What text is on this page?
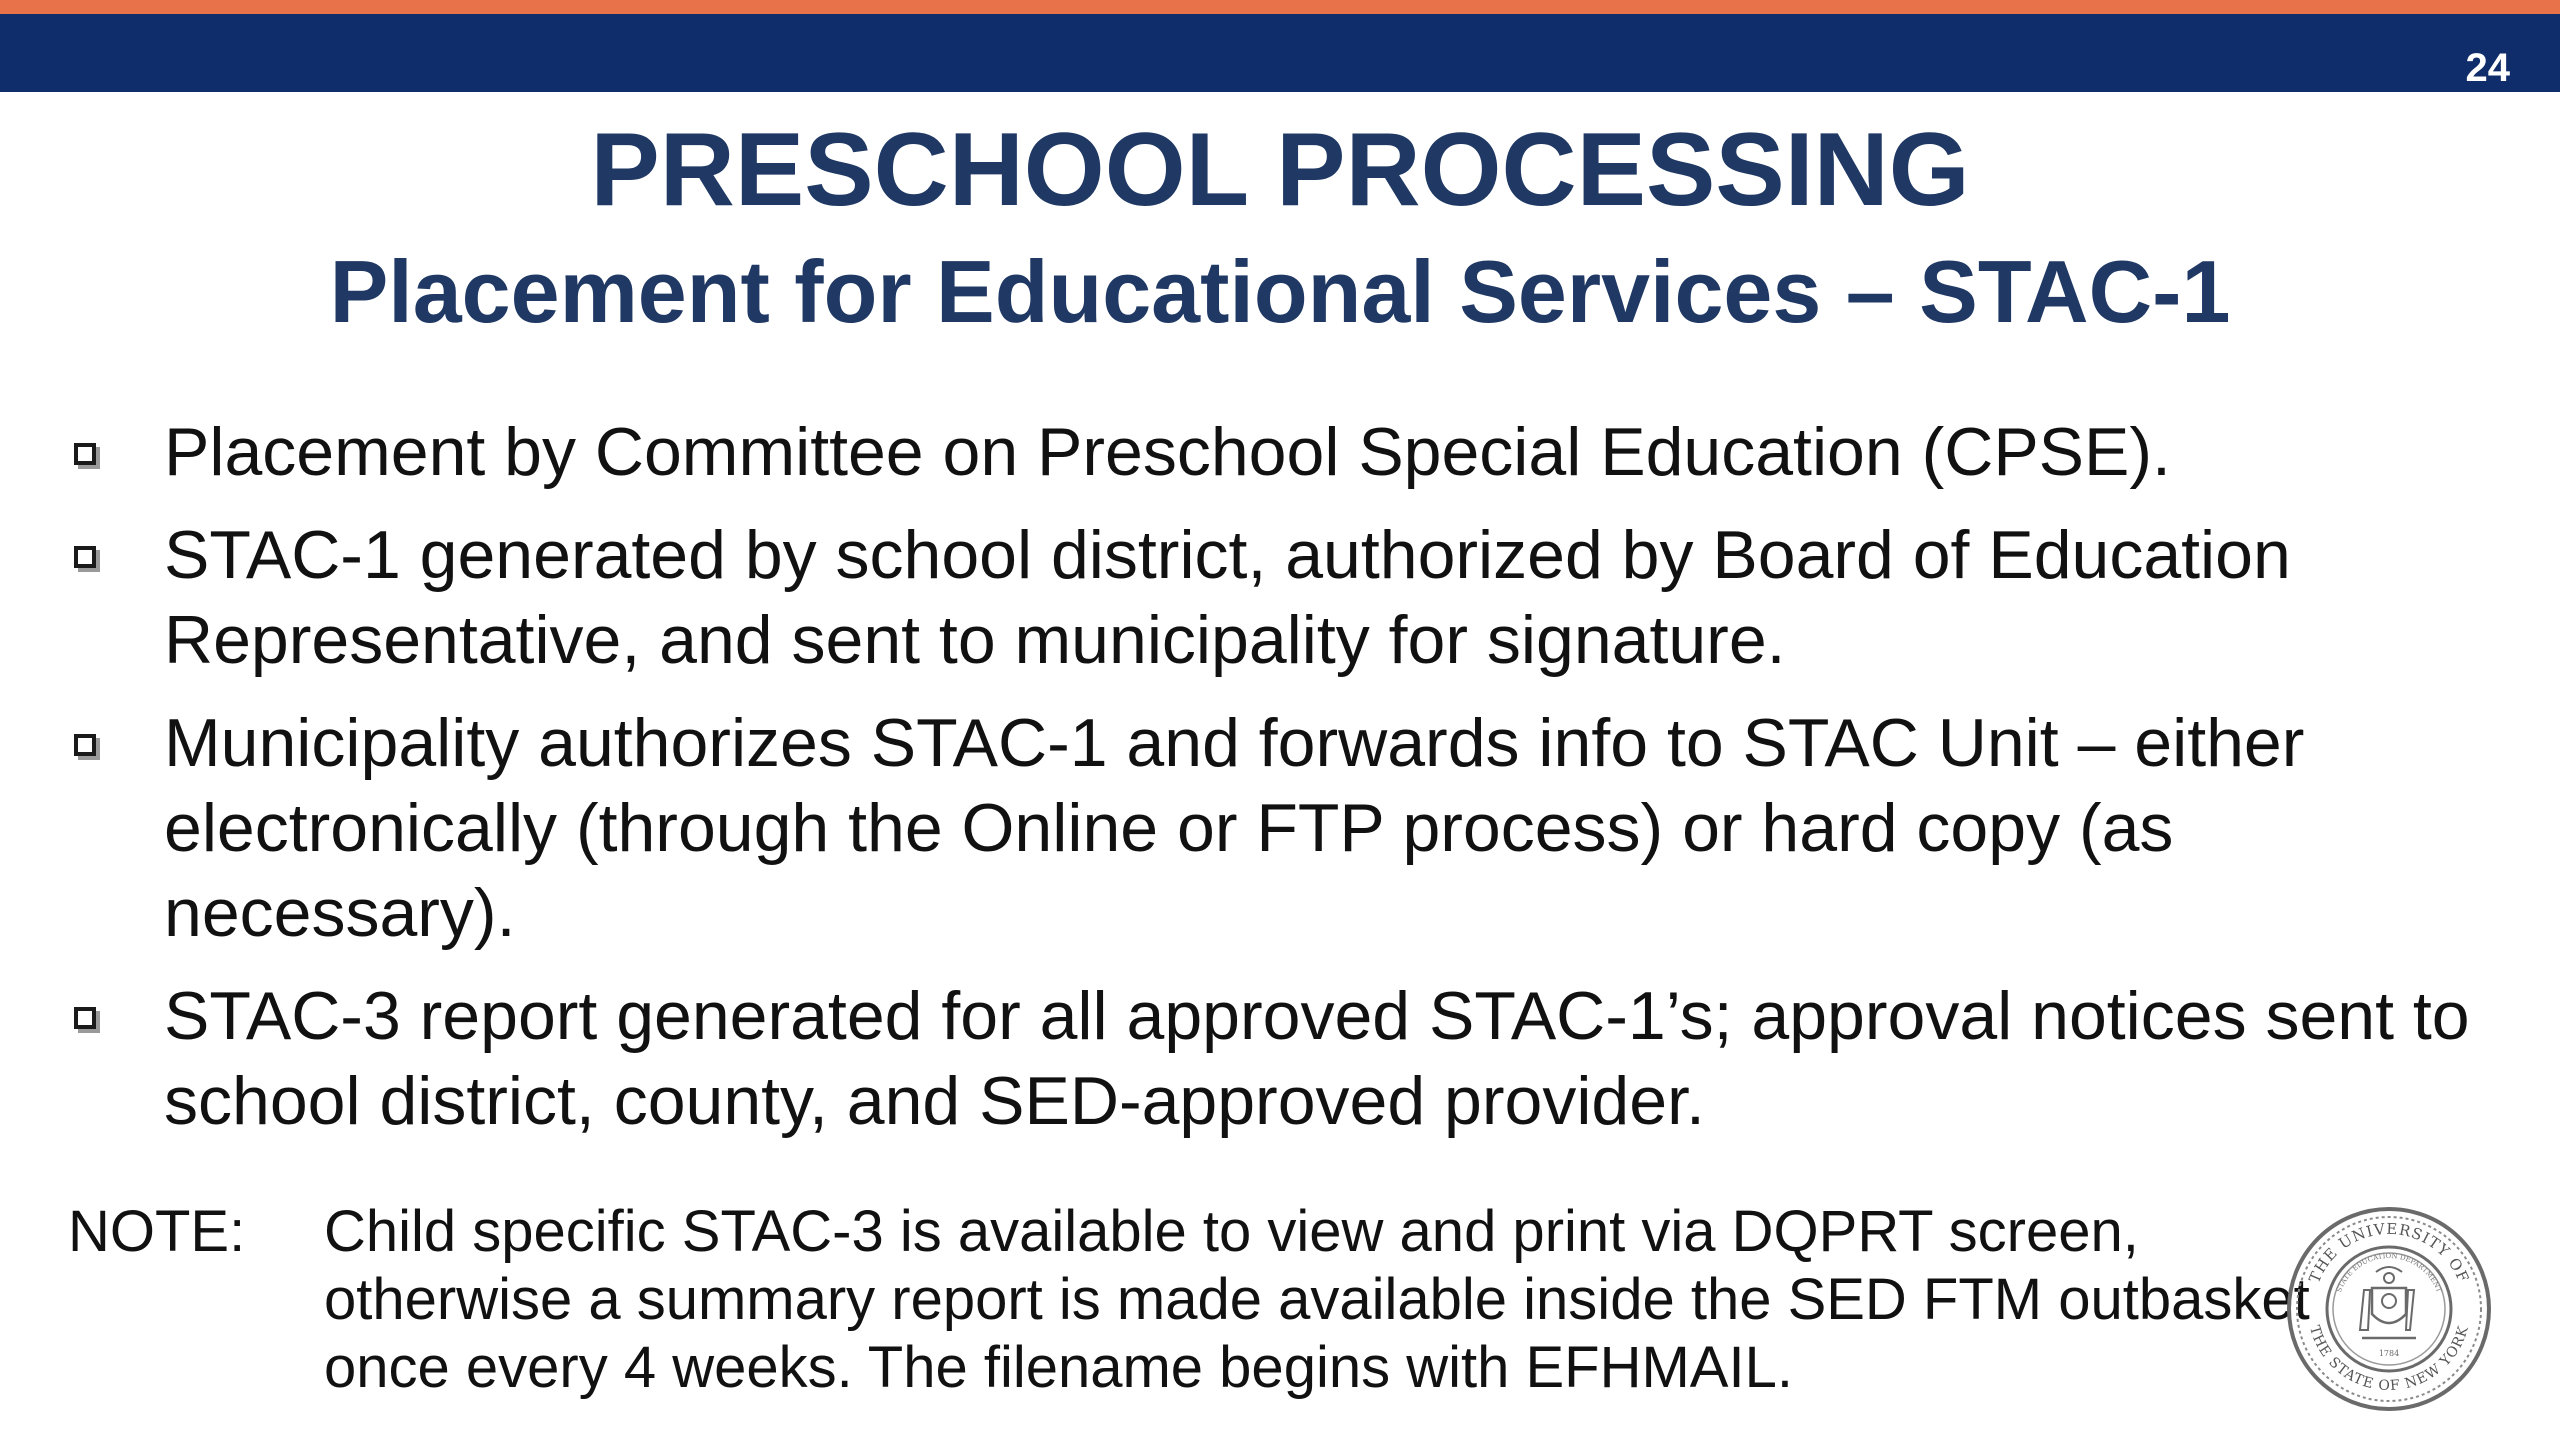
24
PRESCHOOL PROCESSING
Placement for Educational Services – STAC-1
Placement by Committee on Preschool Special Education (CPSE).
STAC-1 generated by school district, authorized by Board of Education Representative, and sent to municipality for signature.
Municipality authorizes STAC-1 and forwards info to STAC Unit – either electronically (through the Online or FTP process) or hard copy (as necessary).
STAC-3 report generated for all approved STAC-1’s; approval notices sent to school district, county, and SED-approved provider.
NOTE: Child specific STAC-3 is available to view and print via DQPRT screen,
otherwise a summary report is made available inside the SED FTM outbasket
once every 4 weeks. The filename begins with EFHMAIL.
THE UNIVERSITY OF
THE STATE OF NEW YORK
STATE EDUCATION DEPARTMENT
1784
